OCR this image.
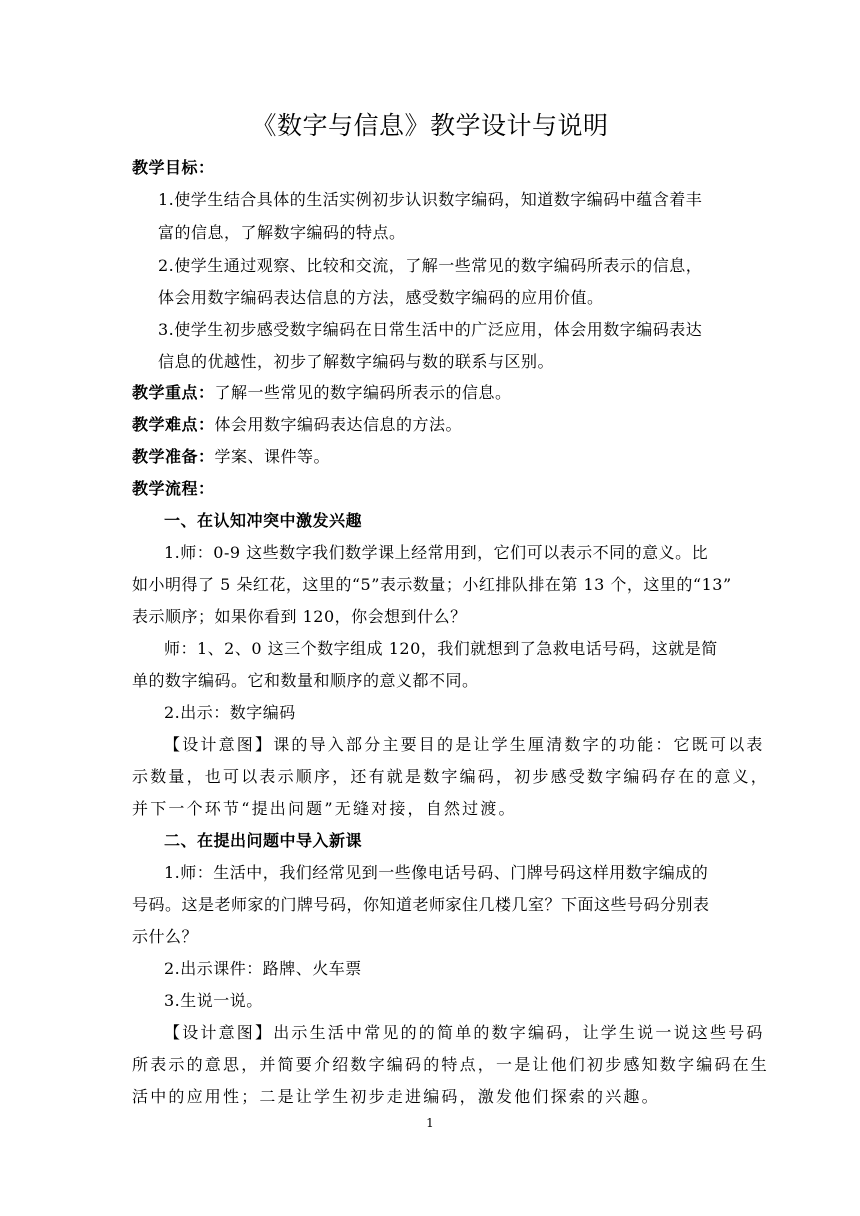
《数字与信息》教学设计与说明
教学目标：
1.使学生结合具体的生活实例初步认识数字编码，知道数字编码中蕴含着丰
富的信息，了解数字编码的特点。
2.使学生通过观察、比较和交流，了解一些常见的数字编码所表示的信息，
体会用数字编码表达信息的方法，感受数字编码的应用价值。
3.使学生初步感受数字编码在日常生活中的广泛应用，体会用数字编码表达
信息的优越性，初步了解数字编码与数的联系与区别。
教学重点：了解一些常见的数字编码所表示的信息。
教学难点：体会用数字编码表达信息的方法。
教学准备：学案、课件等。
教学流程：
一、在认知冲突中激发兴趣
1.师：0-9 这些数字我们数学课上经常用到，它们可以表示不同的意义。比
如小明得了 5 朵红花，这里的“5”表示数量；小红排队排在第 13 个，这里的“13”
表示顺序；如果你看到 120，你会想到什么？
师：1、2、0 这三个数字组成 120，我们就想到了急救电话号码，这就是简
单的数字编码。它和数量和顺序的意义都不同。
2.出示：数字编码
【设计意图】课的导入部分主要目的是让学生厘清数字的功能：它既可以表
示数量，也可以表示顺序，还有就是数字编码，初步感受数字编码存在的意义，
并下一个环节“提出问题”无缝对接，自然过渡。
二、在提出问题中导入新课
1.师：生活中，我们经常见到一些像电话号码、门牌号码这样用数字编成的
号码。这是老师家的门牌号码，你知道老师家住几楼几室？下面这些号码分别表
示什么？
2.出示课件：路牌、火车票
3.生说一说。
【设计意图】出示生活中常见的的简单的数字编码，让学生说一说这些号码
所表示的意思，并简要介绍数字编码的特点，一是让他们初步感知数字编码在生
活中的应用性；二是让学生初步走进编码，激发他们探索的兴趣。
1
